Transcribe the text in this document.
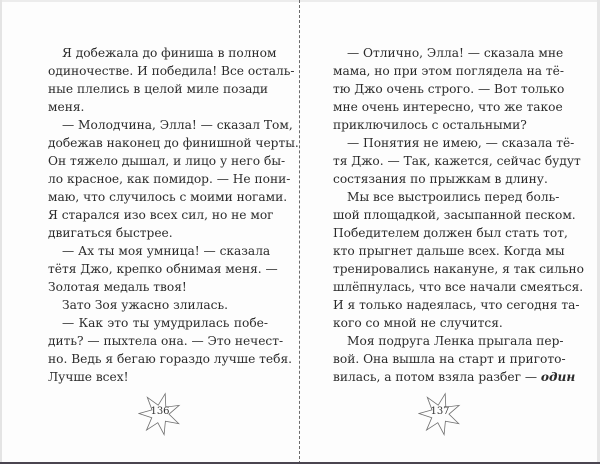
Я добежала до финиша в полном
одиночестве. И победила! Все осталь-
ные плелись в целой миле позади
меня.
— Молодчина, Элла! — сказал Том,
добежав наконец до финишной черты.
Он тяжело дышал, и лицо у него бы-
ло красное, как помидор. — Не пони-
маю, что случилось с моими ногами.
Я старался изо всех сил, но не мог
двигаться быстрее.
— Ах ты моя умница! — сказала
тётя Джо, крепко обнимая меня. —
Золотая медаль твоя!
Зато Зоя ужасно злилась.
— Как это ты умудрилась побе-
дить? — пыхтела она. — Это нечест-
но. Ведь я бегаю гораздо лучше тебя.
Лучше всех!
— Отлично, Элла! — сказала мне
мама, но при этом поглядела на тё-
тю Джо очень строго. — Вот только
мне очень интересно, что же такое
приключилось с остальными?
— Понятия не имею, — сказала тё-
тя Джо. — Так, кажется, сейчас будут
состязания по прыжкам в длину.
Мы все выстроились перед боль-
шой площадкой, засыпанной песком.
Победителем должен был стать тот,
кто прыгнет дальше всех. Когда мы
тренировались накануне, я так сильно
шлёпнулась, что все начали смеяться.
И я только надеялась, что сегодня та-
кого со мной не случится.
Моя подруга Ленка прыгала пер-
вой. Она вышла на старт и пригото-
вилась, а потом взяла разбег — один
136	137
